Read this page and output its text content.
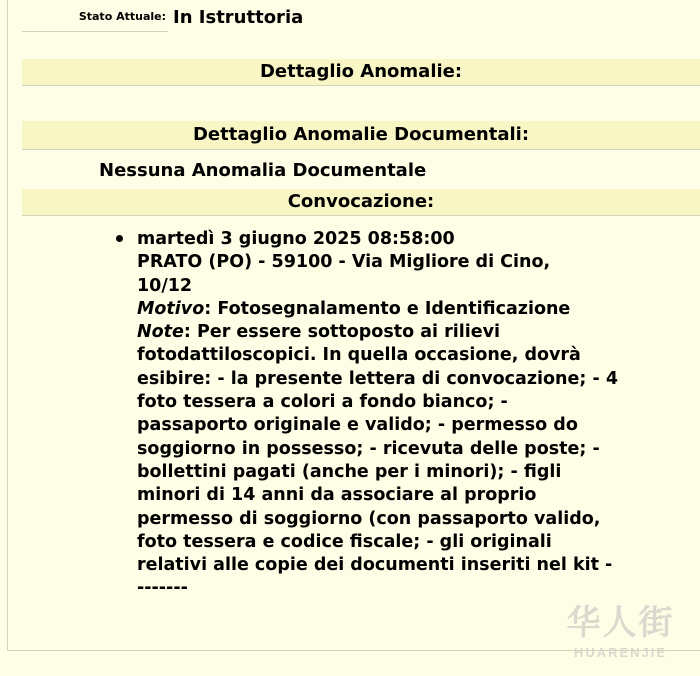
Stato Attuale: In Istruttoria
Dettaglio Anomalie:
Dettaglio Anomalie Documentali:
Nessuna Anomalia Documentale
Convocazione:
martedì 3 giugno 2025 08:58:00
PRATO (PO) - 59100 - Via Migliore di Cino,
10/12
Motivo: Fotosegnalamento e Identificazione
Note: Per essere sottoposto ai rilievi
fotodattiloscopici. In quella occasione, dovrà
esibire: - la presente lettera di convocazione; - 4
foto tessera a colori a fondo bianco; -
passaporto originale e valido; - permesso do
soggiorno in possesso; - ricevuta delle poste; -
bollettini pagati (anche per i minori); - figli
minori di 14 anni da associare al proprio
permesso di soggiorno (con passaporto valido,
foto tessera e codice fiscale; - gli originali
relativi alle copie dei documenti inseriti nel kit -
-------
华人街
HUARENJIE
